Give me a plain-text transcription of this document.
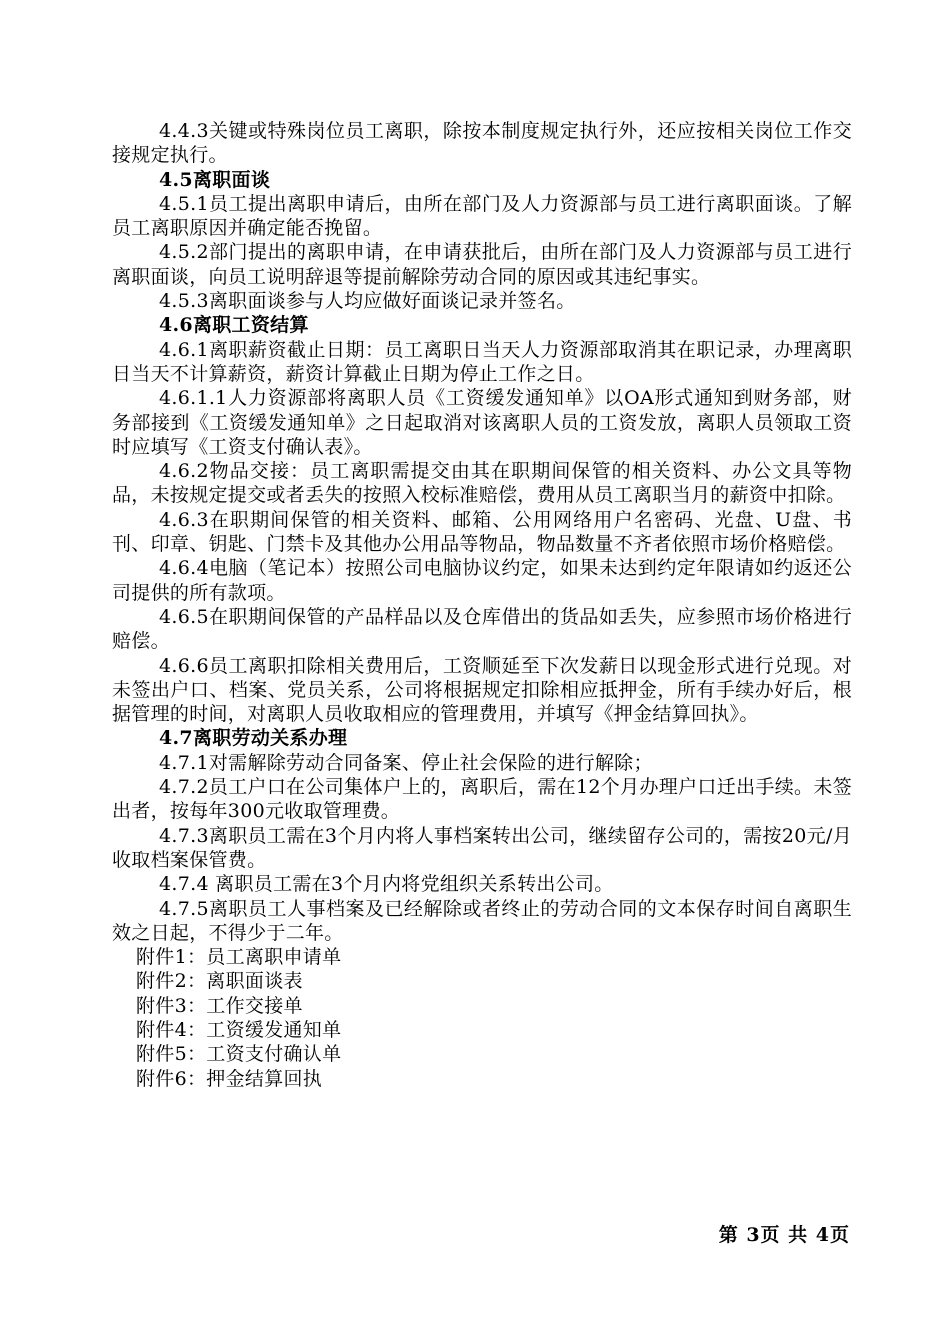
4.4.3关键或特殊岗位员工离职，除按本制度规定执行外，还应按相关岗位工作交接规定执行。

4.5离职面谈

4.5.1员工提出离职申请后，由所在部门及人力资源部与员工进行离职面谈。了解员工离职原因并确定能否挽留。

4.5.2部门提出的离职申请，在申请获批后，由所在部门及人力资源部与员工进行离职面谈，向员工说明辞退等提前解除劳动合同的原因或其违纪事实。

4.5.3离职面谈参与人均应做好面谈记录并签名。

4.6离职工资结算

4.6.1离职薪资截止日期：员工离职日当天人力资源部取消其在职记录，办理离职日当天不计算薪资，薪资计算截止日期为停止工作之日。

4.6.1.1人力资源部将离职人员《工资缓发通知单》以OA形式通知到财务部，财务部接到《工资缓发通知单》之日起取消对该离职人员的工资发放，离职人员领取工资时应填写《工资支付确认表》。

4.6.2物品交接：员工离职需提交由其在职期间保管的相关资料、办公文具等物品，未按规定提交或者丢失的按照入校标准赔偿，费用从员工离职当月的薪资中扣除。

4.6.3在职期间保管的相关资料、邮箱、公用网络用户名密码、光盘、U盘、书刊、印章、钥匙、门禁卡及其他办公用品等物品，物品数量不齐者依照市场价格赔偿。

4.6.4电脑（笔记本）按照公司电脑协议约定，如果未达到约定年限请如约返还公司提供的所有款项。

4.6.5在职期间保管的产品样品以及仓库借出的货品如丢失，应参照市场价格进行赔偿。

4.6.6员工离职扣除相关费用后，工资顺延至下次发薪日以现金形式进行兑现。对未签出户口、档案、党员关系，公司将根据规定扣除相应抵押金，所有手续办好后，根据管理的时间，对离职人员收取相应的管理费用，并填写《押金结算回执》。

4.7离职劳动关系办理

4.7.1对需解除劳动合同备案、停止社会保险的进行解除；

4.7.2员工户口在公司集体户上的，离职后，需在12个月办理户口迁出手续。未签出者，按每年300元收取管理费。

4.7.3离职员工需在3个月内将人事档案转出公司，继续留存公司的，需按20元/月收取档案保管费。

4.7.4 离职员工需在3个月内将党组织关系转出公司。

4.7.5离职员工人事档案及已经解除或者终止的劳动合同的文本保存时间自离职生效之日起，不得少于二年。

附件1：员工离职申请单

附件2：离职面谈表

附件3：工作交接单

附件4：工资缓发通知单

附件5：工资支付确认单

附件6：押金结算回执

第 3页 共 4页
